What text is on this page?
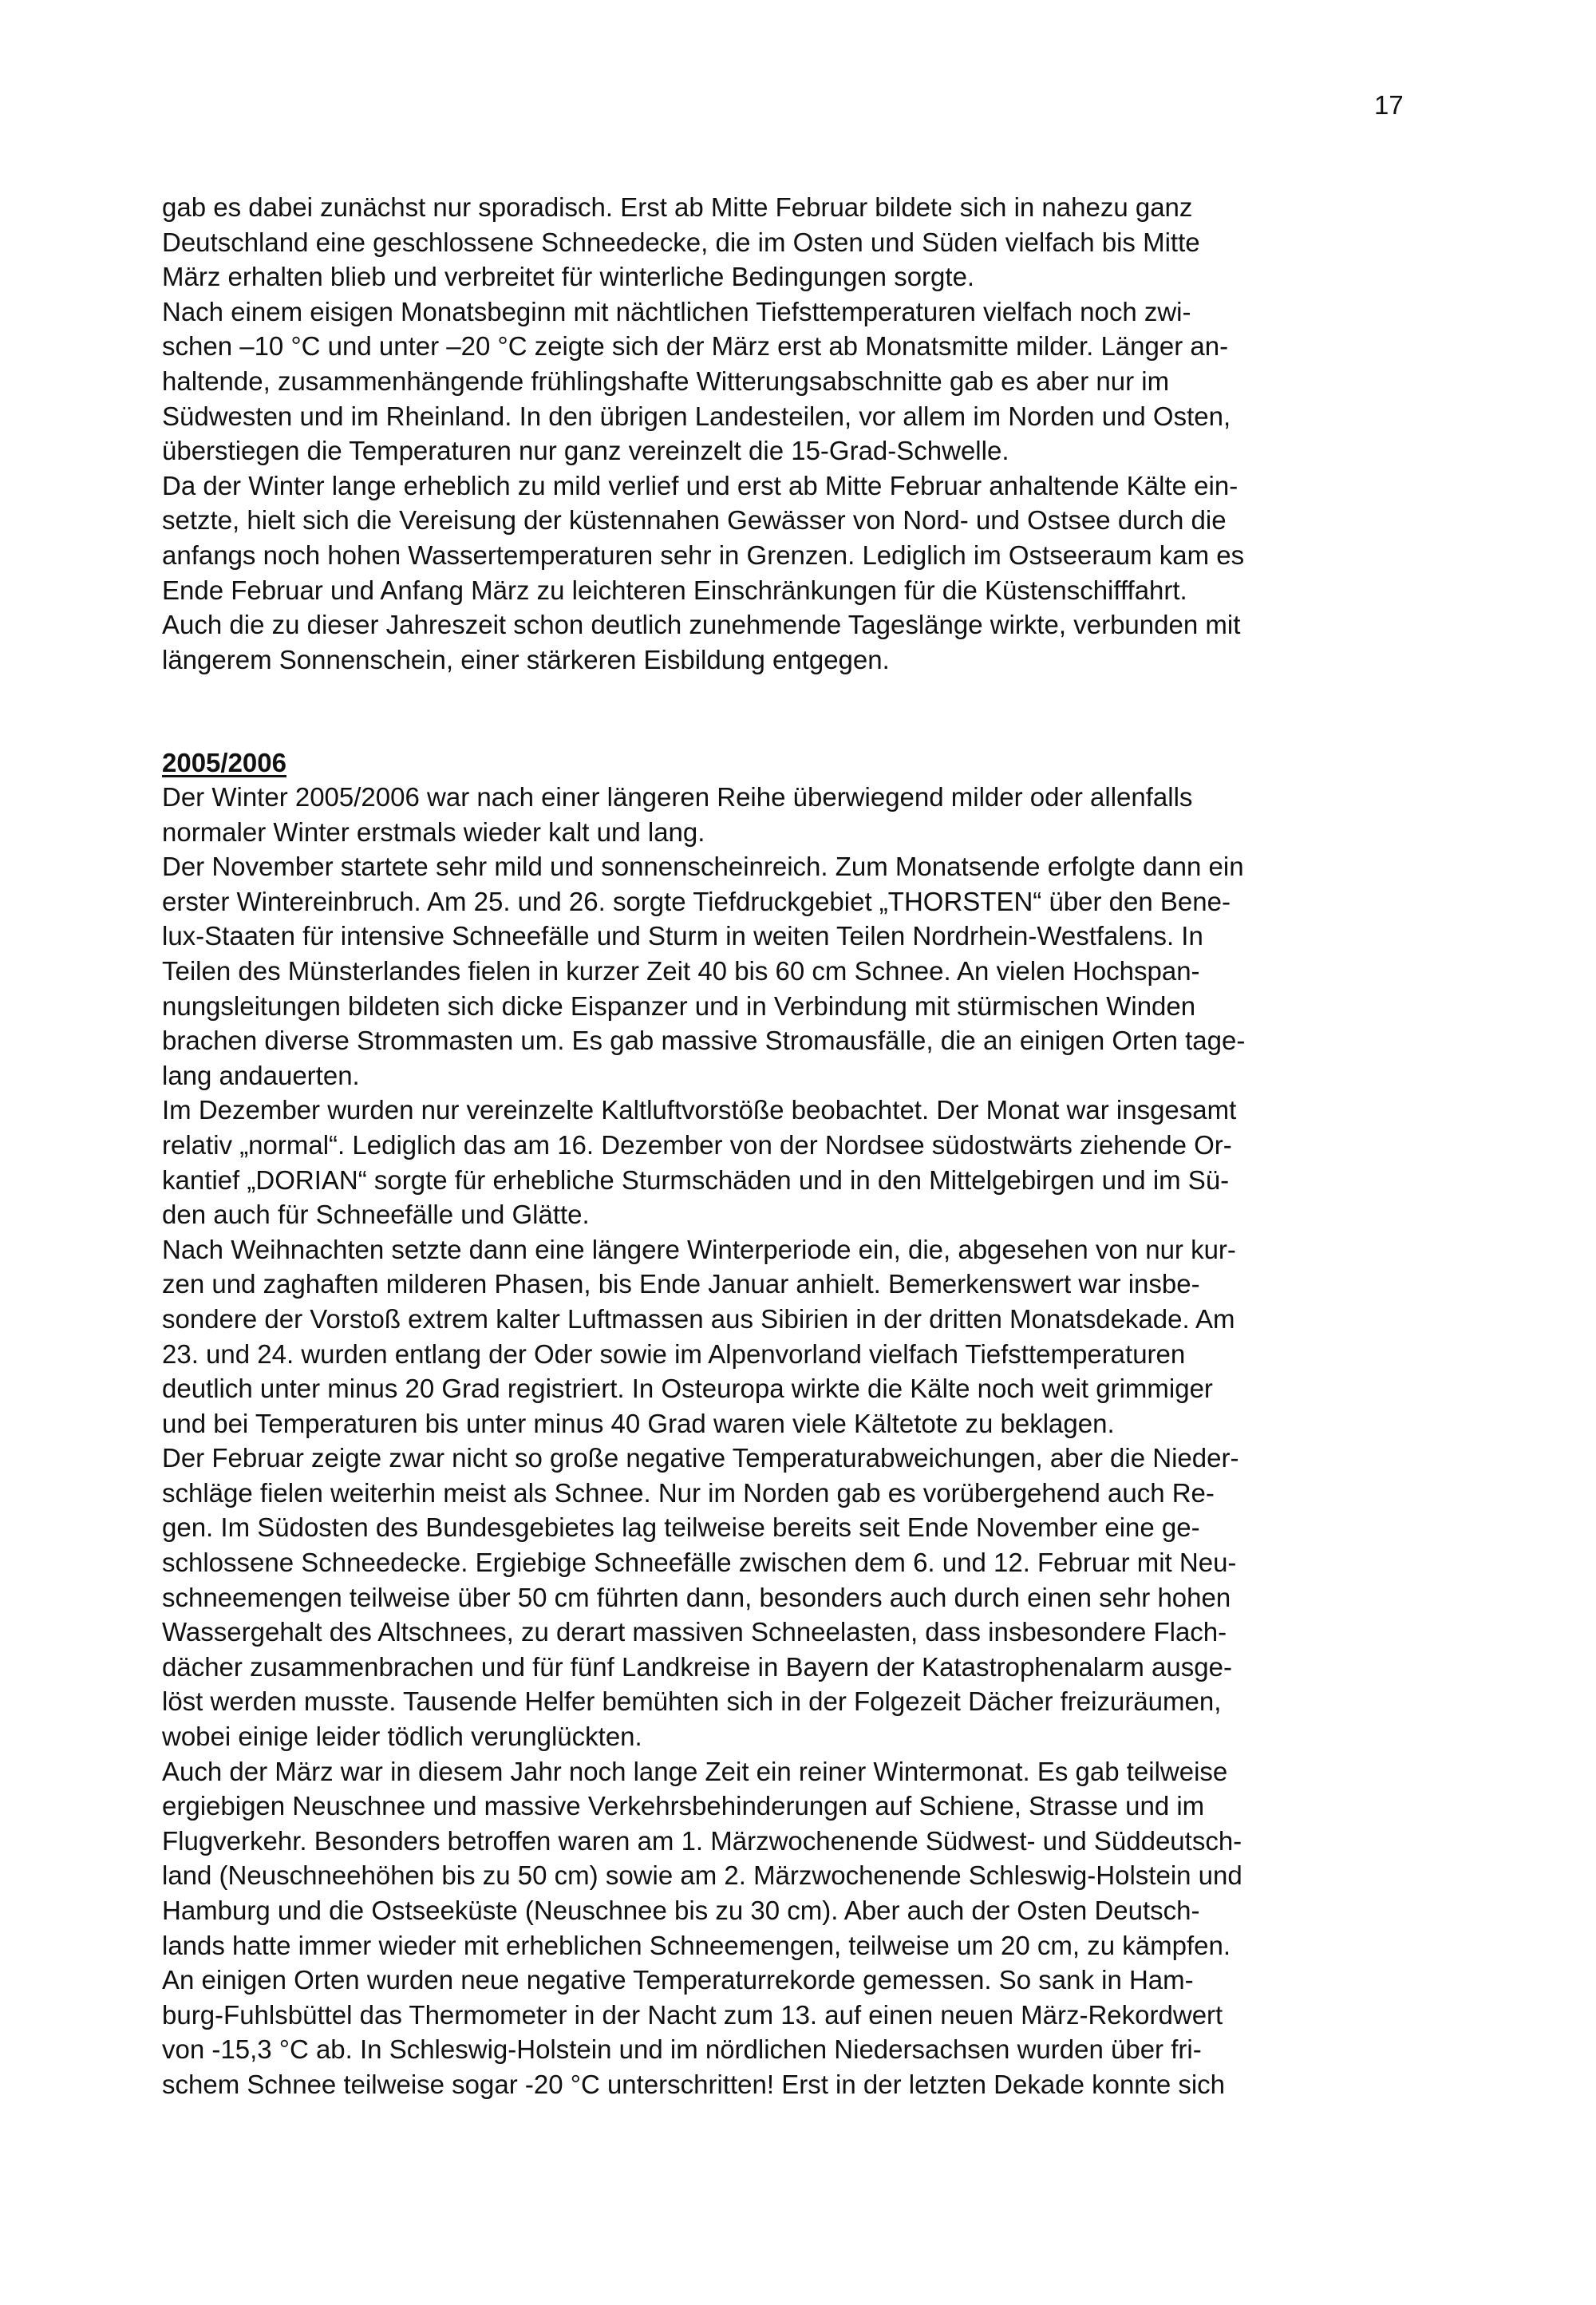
17
gab es dabei zunächst nur sporadisch. Erst ab Mitte Februar bildete sich in nahezu ganz
Deutschland eine geschlossene Schneedecke, die im Osten und Süden vielfach bis Mitte
März erhalten blieb und verbreitet für winterliche Bedingungen sorgte.
Nach einem eisigen Monatsbeginn mit nächtlichen Tiefsttemperaturen vielfach noch zwi-
schen –10 °C und unter –20 °C zeigte sich der März erst ab Monatsmitte milder. Länger an-
haltende, zusammenhängende frühlingshafte Witterungsabschnitte gab es aber nur im
Südwesten und im Rheinland. In den übrigen Landesteilen, vor allem im Norden und Osten,
überstiegen die Temperaturen nur ganz vereinzelt die 15-Grad-Schwelle.
Da der Winter lange erheblich zu mild verlief und erst ab Mitte Februar anhaltende Kälte ein-
setzte, hielt sich die Vereisung der küstennahen Gewässer von Nord- und Ostsee durch die
anfangs noch hohen Wassertemperaturen sehr in Grenzen. Lediglich im Ostseeraum kam es
Ende Februar und Anfang März zu leichteren Einschränkungen für die Küstenschifffahrt.
Auch die zu dieser Jahreszeit schon deutlich zunehmende Tageslänge wirkte, verbunden mit
längerem Sonnenschein, einer stärkeren Eisbildung entgegen.
2005/2006
Der Winter 2005/2006 war nach einer längeren Reihe überwiegend milder oder allenfalls
normaler Winter erstmals wieder kalt und lang.
Der November startete sehr mild und sonnenscheinreich. Zum Monatsende erfolgte dann ein
erster Wintereinbruch. Am 25. und 26. sorgte Tiefdruckgebiet „THORSTEN“ über den Bene-
lux-Staaten für intensive Schneefälle und Sturm in weiten Teilen Nordrhein-Westfalens. In
Teilen des Münsterlandes fielen in kurzer Zeit 40 bis 60 cm Schnee. An vielen Hochspan-
nungsleitungen bildeten sich dicke Eispanzer und in Verbindung mit stürmischen Winden
brachen diverse Strommasten um. Es gab massive Stromausfälle, die an einigen Orten tage-
lang andauerten.
Im Dezember wurden nur vereinzelte Kaltluftvorstöße beobachtet. Der Monat war insgesamt
relativ „normal“. Lediglich das am 16. Dezember von der Nordsee südostwärts ziehende Or-
kantief „DORIAN“ sorgte für erhebliche Sturmschäden und in den Mittelgebirgen und im Sü-
den auch für Schneefälle und Glätte.
Nach Weihnachten setzte dann eine längere Winterperiode ein, die, abgesehen von nur kur-
zen und zaghaften milderen Phasen, bis Ende Januar anhielt. Bemerkenswert war insbe-
sondere der Vorstoß extrem kalter Luftmassen aus Sibirien in der dritten Monatsdekade. Am
23. und 24. wurden entlang der Oder sowie im Alpenvorland vielfach Tiefsttemperaturen
deutlich unter minus 20 Grad registriert. In Osteuropa wirkte die Kälte noch weit grimmiger
und bei Temperaturen bis unter minus 40 Grad waren viele Kältetote zu beklagen.
Der Februar zeigte zwar nicht so große negative Temperaturabweichungen, aber die Nieder-
schläge fielen weiterhin meist als Schnee. Nur im Norden gab es vorübergehend auch Re-
gen. Im Südosten des Bundesgebietes lag teilweise bereits seit Ende November eine ge-
schlossene Schneedecke. Ergiebige Schneefälle zwischen dem 6. und 12. Februar mit Neu-
schneemengen teilweise über 50 cm führten dann, besonders auch durch einen sehr hohen
Wassergehalt des Altschnees, zu derart massiven Schneelasten, dass insbesondere Flach-
dächer zusammenbrachen und für fünf Landkreise in Bayern der Katastrophenalarm ausge-
löst werden musste. Tausende Helfer bemühten sich in der Folgezeit Dächer freizuräumen,
wobei einige leider tödlich verunglückten.
Auch der März war in diesem Jahr noch lange Zeit ein reiner Wintermonat. Es gab teilweise
ergiebigen Neuschnee und massive Verkehrsbehinderungen auf Schiene, Strasse und im
Flugverkehr. Besonders betroffen waren am 1. Märzwochenende Südwest- und Süddeutsch-
land (Neuschneehöhen bis zu 50 cm) sowie am 2. Märzwochenende Schleswig-Holstein und
Hamburg und die Ostseeküste (Neuschnee bis zu 30 cm). Aber auch der Osten Deutsch-
lands hatte immer wieder mit erheblichen Schneemengen, teilweise um 20 cm, zu kämpfen.
An einigen Orten wurden neue negative Temperaturrekorde gemessen. So sank in Ham-
burg-Fuhlsbüttel das Thermometer in der Nacht zum 13. auf einen neuen März-Rekordwert
von -15,3 °C ab. In Schleswig-Holstein und im nördlichen Niedersachsen wurden über fri-
schem Schnee teilweise sogar -20 °C unterschritten! Erst in der letzten Dekade konnte sich
